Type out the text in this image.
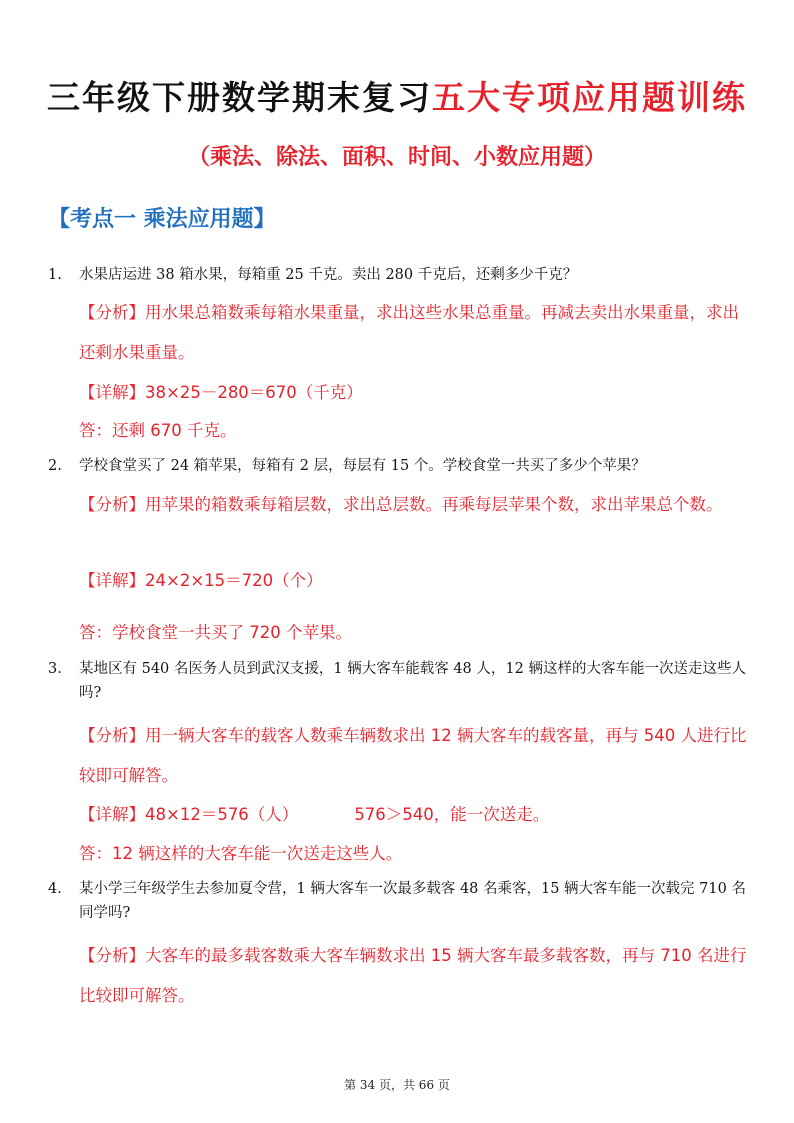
三年级下册数学期末复习五大专项应用题训练
（乘法、除法、面积、时间、小数应用题）
【考点一 乘法应用题】
1. 水果店运进 38 箱水果，每箱重 25 千克。卖出 280 千克后，还剩多少千克？
【分析】用水果总箱数乘每箱水果重量，求出这些水果总重量。再减去卖出水果重量，求出还剩水果重量。
【详解】38×25－280＝670（千克）
答：还剩 670 千克。
2. 学校食堂买了 24 箱苹果，每箱有 2 层，每层有 15 个。学校食堂一共买了多少个苹果？
【分析】用苹果的箱数乘每箱层数，求出总层数。再乘每层苹果个数，求出苹果总个数。
【详解】24×2×15＝720（个）
答：学校食堂一共买了 720 个苹果。
3. 某地区有 540 名医务人员到武汉支援，1 辆大客车能载客 48 人，12 辆这样的大客车能一次送走这些人吗?
【分析】用一辆大客车的载客人数乘车辆数求出 12 辆大客车的载客量，再与 540 人进行比较即可解答。
【详解】48×12＝576（人）	576＞540，能一次送走。
答：12 辆这样的大客车能一次送走这些人。
4. 某小学三年级学生去参加夏令营，1 辆大客车一次最多载客 48 名乘客，15 辆大客车能一次载完 710 名同学吗?
【分析】大客车的最多载客数乘大客车辆数求出 15 辆大客车最多载客数，再与 710 名进行比较即可解答。
第 34 页，共 66 页
